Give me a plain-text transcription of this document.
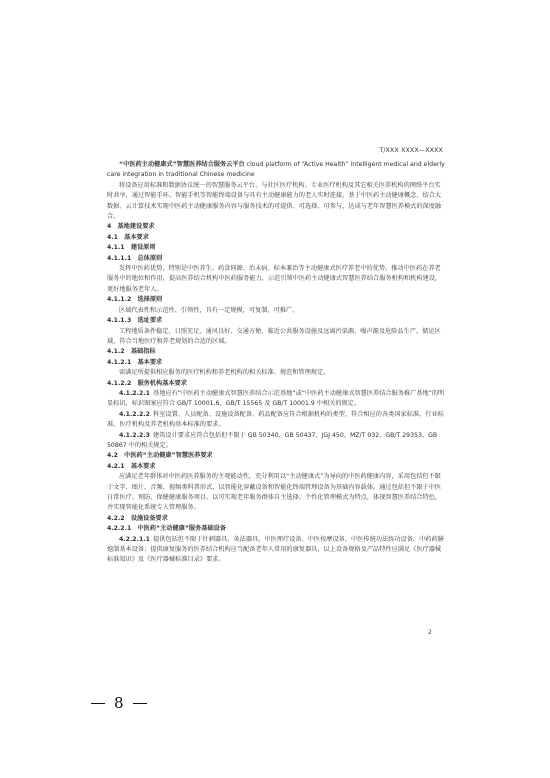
T/XXX XXXX—XXXX

“中医药主动健康式”智慧医养结合服务云平台 cloud platform of “Active Health” intelligent medical and elderly care integration in traditional Chinese medicine

将设备应用标准和数据协议统一的智慧服务云平台，与社区医疗机构、专业医疗机构及其它相关医养机构的网络平台实时共享，通过智能手环、智能手机等智能终端设备与具有主动健康能力的老人实时连接，基于中医药主动健康概念，结合大数据、云计算技术实现中医药主动健康服务内容与服务技术的可提供、可选择、可参与，达成与老年智慧医养模式的深度融合。

4  基地建设要求

4.1  基本要求

4.1.1  建设原则

4.1.1.1  总体原则

发挥中医药优势，特别是中医养生、药食同源、治未病、标本兼治等主动健康式医疗养老中的优势，推动中医药在养老服务中的地位和作用，提高医养结合机构中医药服务能力，示范引领中医药主动健康式智慧医养结合服务机构和机构建设，更好地服务老年人。

4.1.1.2  选择原则

区域代表性和示范性、引领性，具有一定规模，可复制、可推广。

4.1.1.3  选址要求

工程地质条件稳定、日照充足、通风良好、交通方便、临近公共服务设施及远离污染源、噪声源及危险品生产、储运区域，符合当地医疗和养老规划的合适的区域。

4.1.2  基础指标

4.1.2.1  基本要求

需满足所提供相应服务的医疗机构和养老机构的相关标准、规范和管理规定。

4.1.2.2  服务机构基本要求

4.1.2.2.1  基地应有“中医药主动健康式智慧医养结合示范基地”或“中医药主动健康式智慧医养结合服务推广基地”的明显标识，标识图案应符合 GB/T 10001.6、GB/T 15565 及 GB/T 10001.9 中相关的规定。

4.1.2.2.2  科室设置、人员配备、设施设备配备、药品配备应符合根据机构的类型，符合相应的各类国家标准、行业标准、医疗机构及养老机构基本标准的要求。

4.1.2.2.3  建筑设计要求应符合包括但不限于 GB 50340、GB 50437、JGJ 450、MZ/T 032、GB/T 29353、GB 50867 中的相关规定。

4.2  中医药“主动健康”智慧医养要求

4.2.1  基本要求

应满足老年群体对中医药医养服务的主观能动性，充分利用以“主动健康式”为导向的中医药健康内容，采用包括但不限于文字、图片、音频、视频类科普形式，以智能化穿戴设备和智能化终端管理设备为基础内容载体，通过包括但不限于中医日常医疗、预防、保健健康服务项目，以可实现老年服务群体自主选择、个性化管理模式为特点，体现智慧医养结合特色，并实现智能化系统专人管理服务。

4.2.2  设施设备要求

4.2.2.1  中医药“主动健康”服务基础设备

4.2.2.1.1  提供包括但不限于针刺器具、灸法器具、中医理疗设备、中医按摩设备、中医传统功法练功设备、中药药膳炮制基本设备；提供康复服务的医养结合机构应当配备老年人常用的康复器具，以上设备规格及产品特性应满足《医疗器械标准知识》及《医疗器械标准目录》要求。

2
8
